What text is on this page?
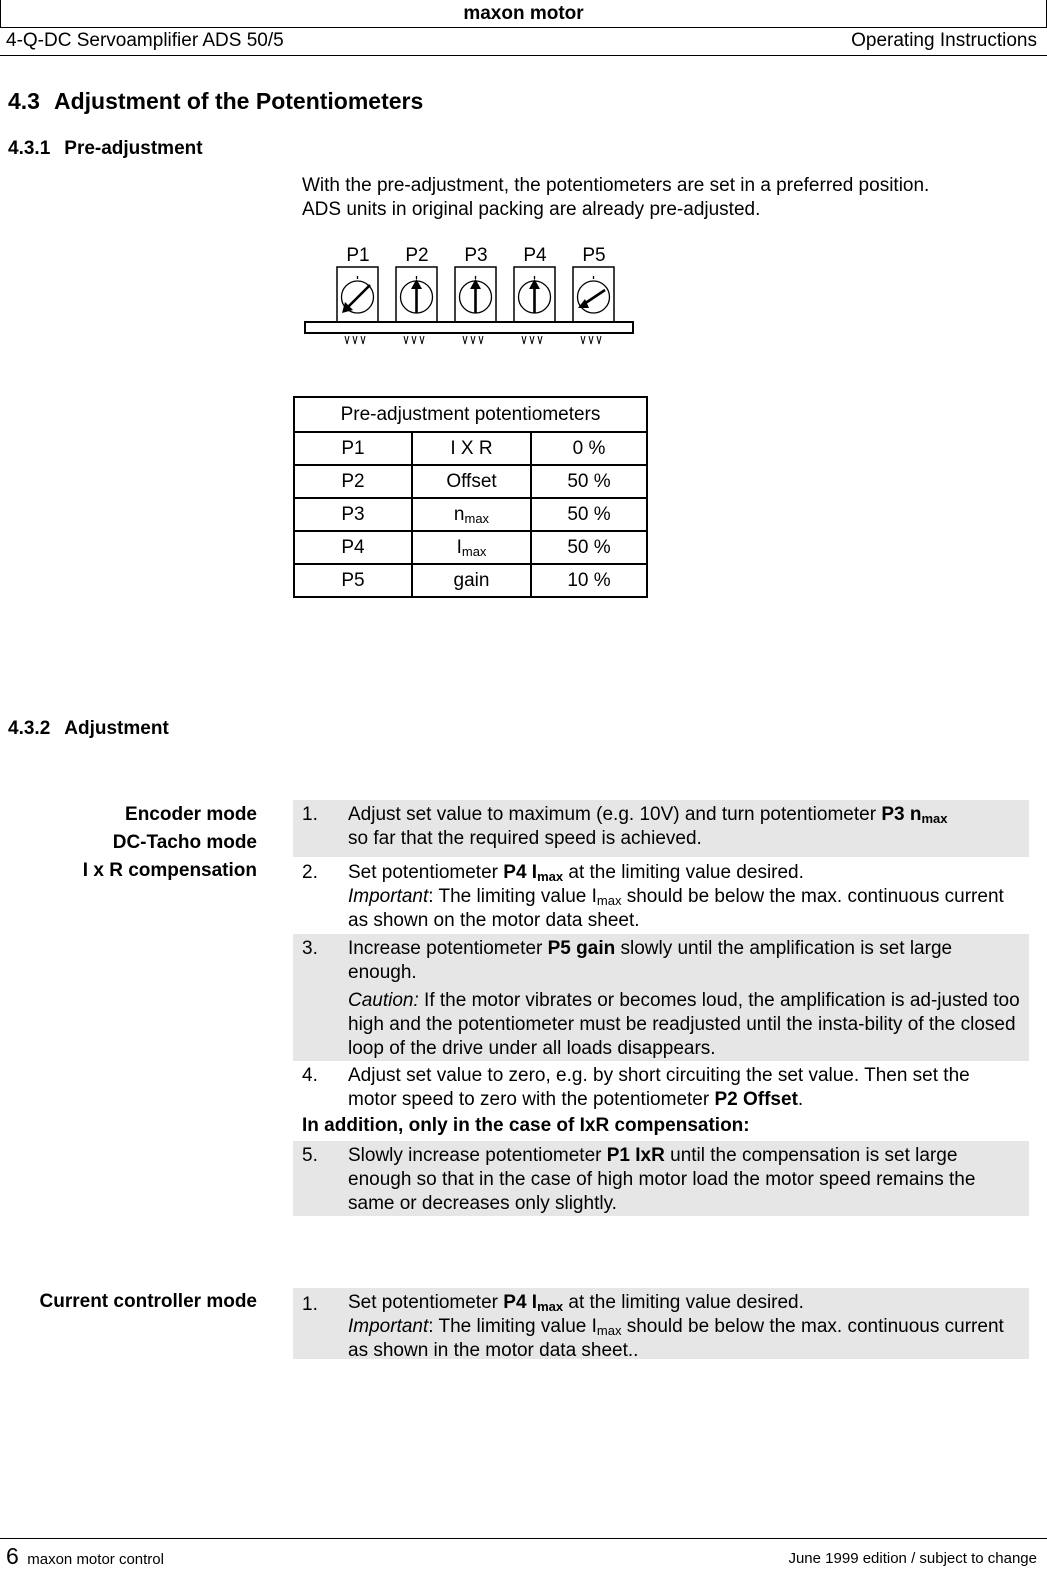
maxon motor
4-Q-DC Servoamplifier ADS 50/5	Operating Instructions
4.3 Adjustment of the Potentiometers
4.3.1 Pre-adjustment
With the pre-adjustment, the potentiometers are set in a preferred position.
ADS units in original packing are already pre-adjusted.
P1 P2 P3 P4 P5
Pre-adjustment potentiometers		
P1	I X R	0 %
P2	Offset	50 %
P3	$n_{max}$	50 %
P4	$I_{max}$	50 %
P5	gain	10 %
4.3.2 Adjustment
Encoder mode
DC-Tacho mode
I x R compensation
1. Adjust set value to maximum (e.g. 10V) and turn potentiometer P3 $n_{max}$
so far that the required speed is achieved.
2. Set potentiometer P4 $I_{max}$ at the limiting value desired.
Important: The limiting value $I_{max}$ should be below the max. continuous current as shown on the motor data sheet.
3. Increase potentiometer P5 gain slowly until the amplification is set large enough.
Caution: If the motor vibrates or becomes loud, the amplification is ad-justed too high and the potentiometer must be readjusted until the insta-bility of the closed loop of the drive under all loads disappears.
4. Adjust set value to zero, e.g. by short circuiting the set value. Then set the motor speed to zero with the potentiometer P2 Offset.
In addition, only in the case of IxR compensation:
5. Slowly increase potentiometer P1 IxR until the compensation is set large enough so that in the case of high motor load the motor speed remains the same or decreases only slightly.
Current controller mode 1. Set potentiometer P4 $I_{max}$ at the limiting value desired.
Important: The limiting value $I_{max}$ should be below the max. continuous current as shown in the motor data sheet..
6 maxon motor control	June 1999 edition / subject to change
